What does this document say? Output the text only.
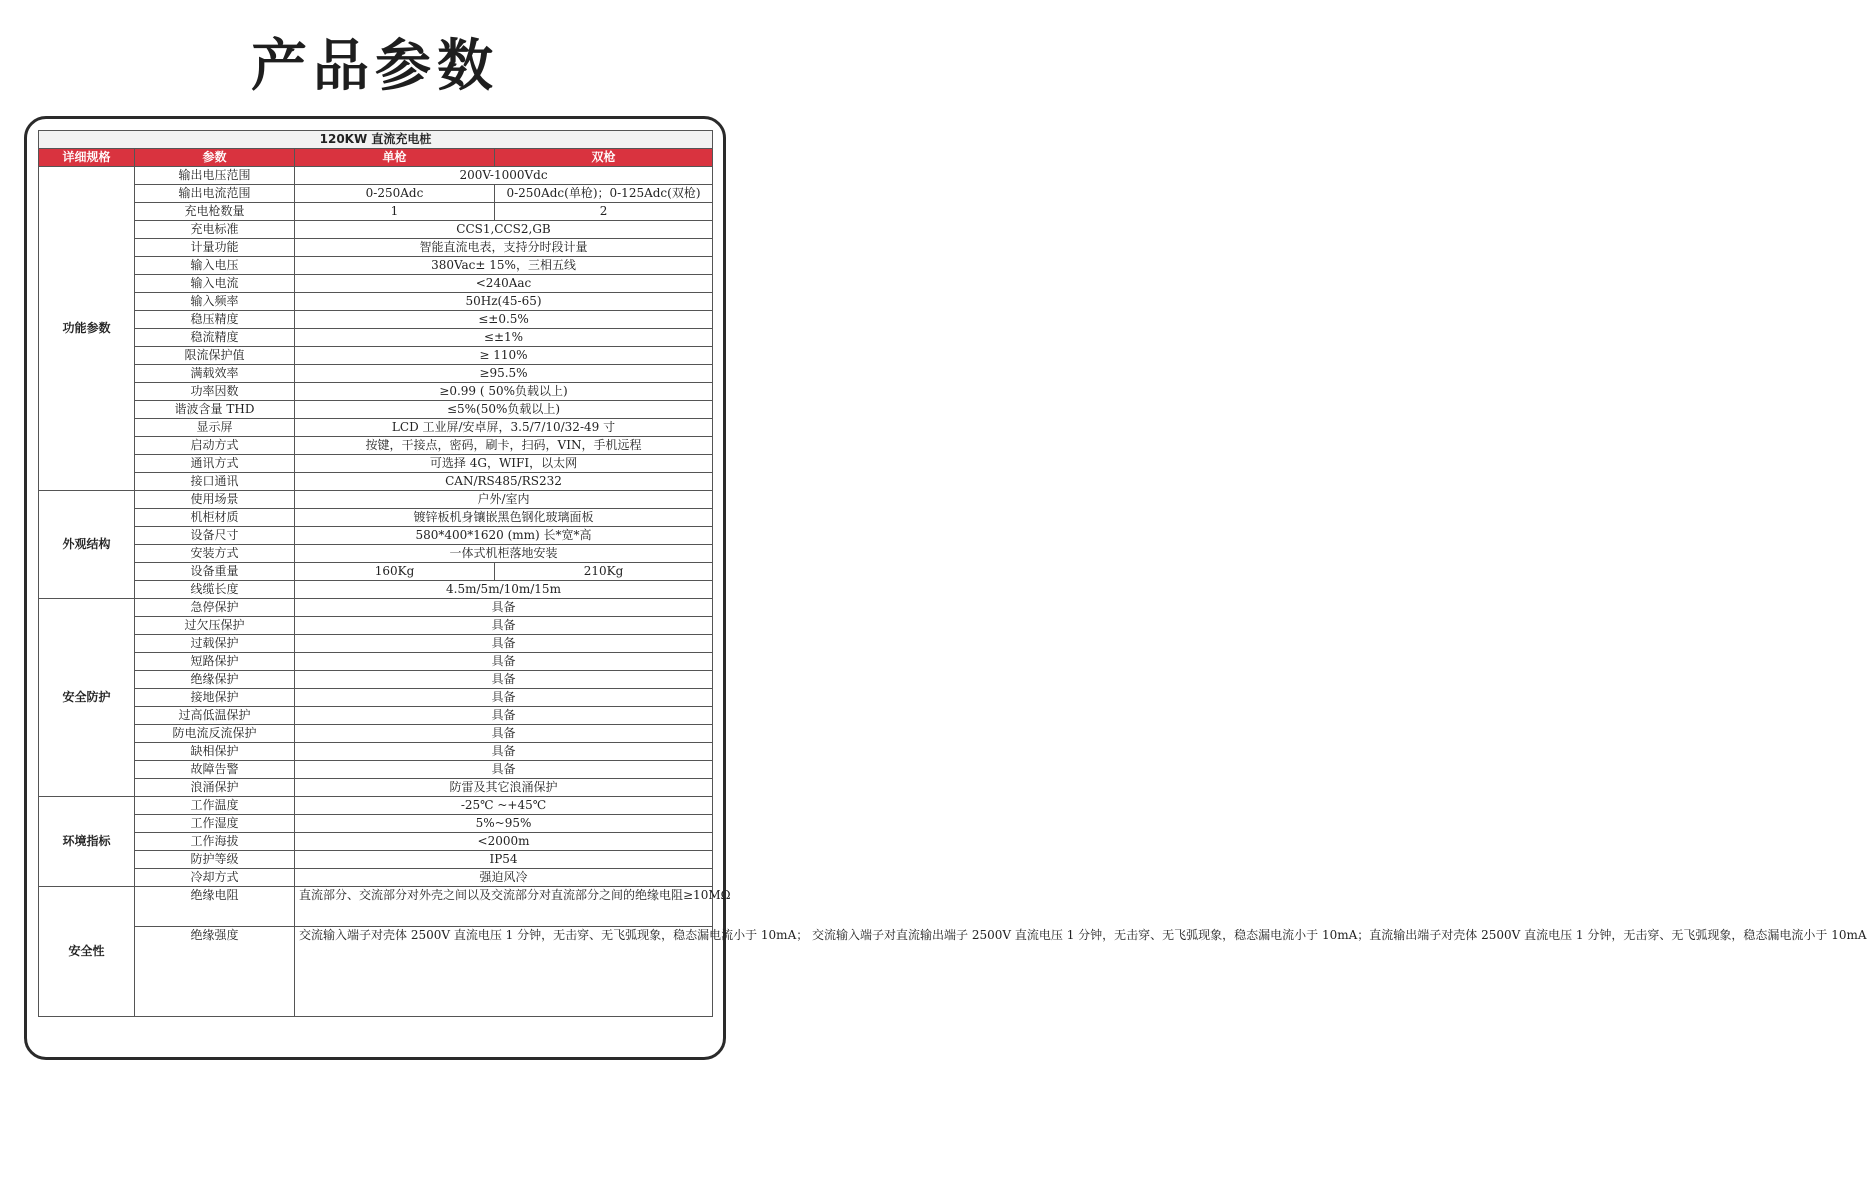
产品参数
120KW 直流充电桩			
详细规格	参数	单枪	双枪
功能参数	输出电压范围	200V-1000Vdc	
	输出电流范围	0-250Adc	0-250Adc(单枪)；0-125Adc(双枪)
	充电枪数量	1	2
	充电标准	CCS1,CCS2,GB	
	计量功能	智能直流电表，支持分时段计量	
	输入电压	380Vac± 15%，三相五线	
	输入电流	<240Aac	
	输入频率	50Hz(45-65)	
	稳压精度	≤±0.5%	
	稳流精度	≤±1%	
	限流保护值	≥ 110%	
	满载效率	≥95.5%	
	功率因数	≥0.99 ( 50%负载以上)	
	谐波含量 THD	≤5%(50%负载以上)	
	显示屏	LCD 工业屏/安卓屏，3.5/7/10/32-49 寸	
	启动方式	按键，干接点，密码，刷卡，扫码，VIN，手机远程	
	通讯方式	可选择 4G，WIFI，以太网	
	接口通讯	CAN/RS485/RS232	
外观结构	使用场景	户外/室内	
	机柜材质	镀锌板机身镶嵌黑色钢化玻璃面板	
	设备尺寸	580*400*1620 (mm) 长*宽*高	
	安装方式	一体式机柜落地安装	
	设备重量	160Kg	210Kg
	线缆长度	4.5m/5m/10m/15m	
安全防护	急停保护	具备	
	过欠压保护	具备	
	过载保护	具备	
	短路保护	具备	
	绝缘保护	具备	
	接地保护	具备	
	过高低温保护	具备	
	防电流反流保护	具备	
	缺相保护	具备	
	故障告警	具备	
	浪涌保护	防雷及其它浪涌保护	
环境指标	工作温度	-25℃ ~+45℃	
	工作湿度	5%~95%	
	工作海拔	<2000m	
	防护等级	IP54	
	冷却方式	强迫风冷	
安全性	绝缘电阻	直流部分、交流部分对外壳之间以及交流部分对直流部分之间的绝缘电阻≥10MΩ	
	绝缘强度	交流输入端子对壳体 2500V 直流电压 1 分钟，无击穿、无飞弧现象，稳态漏电流小于 10mA； 交流输入端子对直流输出端子 2500V 直流电压 1 分钟，无击穿、无飞弧现象，稳态漏电流小于 10mA；直流输出端子对壳体 2500V 直流电压 1 分钟，无击穿、无飞弧现象，稳态漏电流小于 10mA	
